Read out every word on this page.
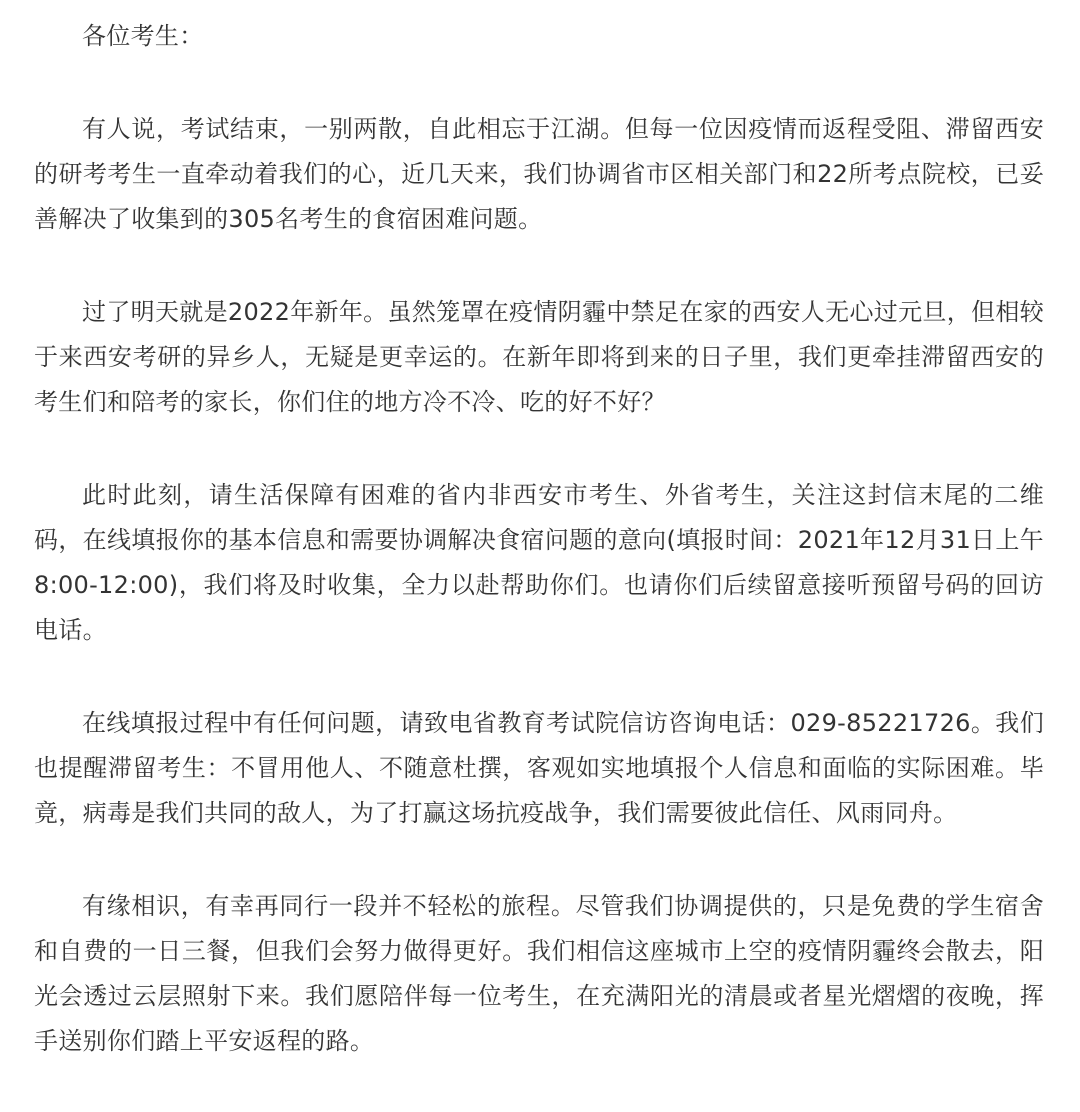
各位考生：

有人说，考试结束，一别两散，自此相忘于江湖。但每一位因疫情而返程受阻、滞留西安的研考考生一直牵动着我们的心，近几天来，我们协调省市区相关部门和22所考点院校，已妥善解决了收集到的305名考生的食宿困难问题。

过了明天就是2022年新年。虽然笼罩在疫情阴霾中禁足在家的西安人无心过元旦，但相较于来西安考研的异乡人，无疑是更幸运的。在新年即将到来的日子里，我们更牵挂滞留西安的考生们和陪考的家长，你们住的地方冷不冷、吃的好不好？

此时此刻，请生活保障有困难的省内非西安市考生、外省考生，关注这封信末尾的二维码，在线填报你的基本信息和需要协调解决食宿问题的意向(填报时间：2021年12月31日上午8:00-12:00)，我们将及时收集，全力以赴帮助你们。也请你们后续留意接听预留号码的回访电话。

在线填报过程中有任何问题，请致电省教育考试院信访咨询电话：029-85221726。我们也提醒滞留考生：不冒用他人、不随意杜撰，客观如实地填报个人信息和面临的实际困难。毕竟，病毒是我们共同的敌人，为了打赢这场抗疫战争，我们需要彼此信任、风雨同舟。

有缘相识，有幸再同行一段并不轻松的旅程。尽管我们协调提供的，只是免费的学生宿舍和自费的一日三餐，但我们会努力做得更好。我们相信这座城市上空的疫情阴霾终会散去，阳光会透过云层照射下来。我们愿陪伴每一位考生，在充满阳光的清晨或者星光熠熠的夜晚，挥手送别你们踏上平安返程的路。
